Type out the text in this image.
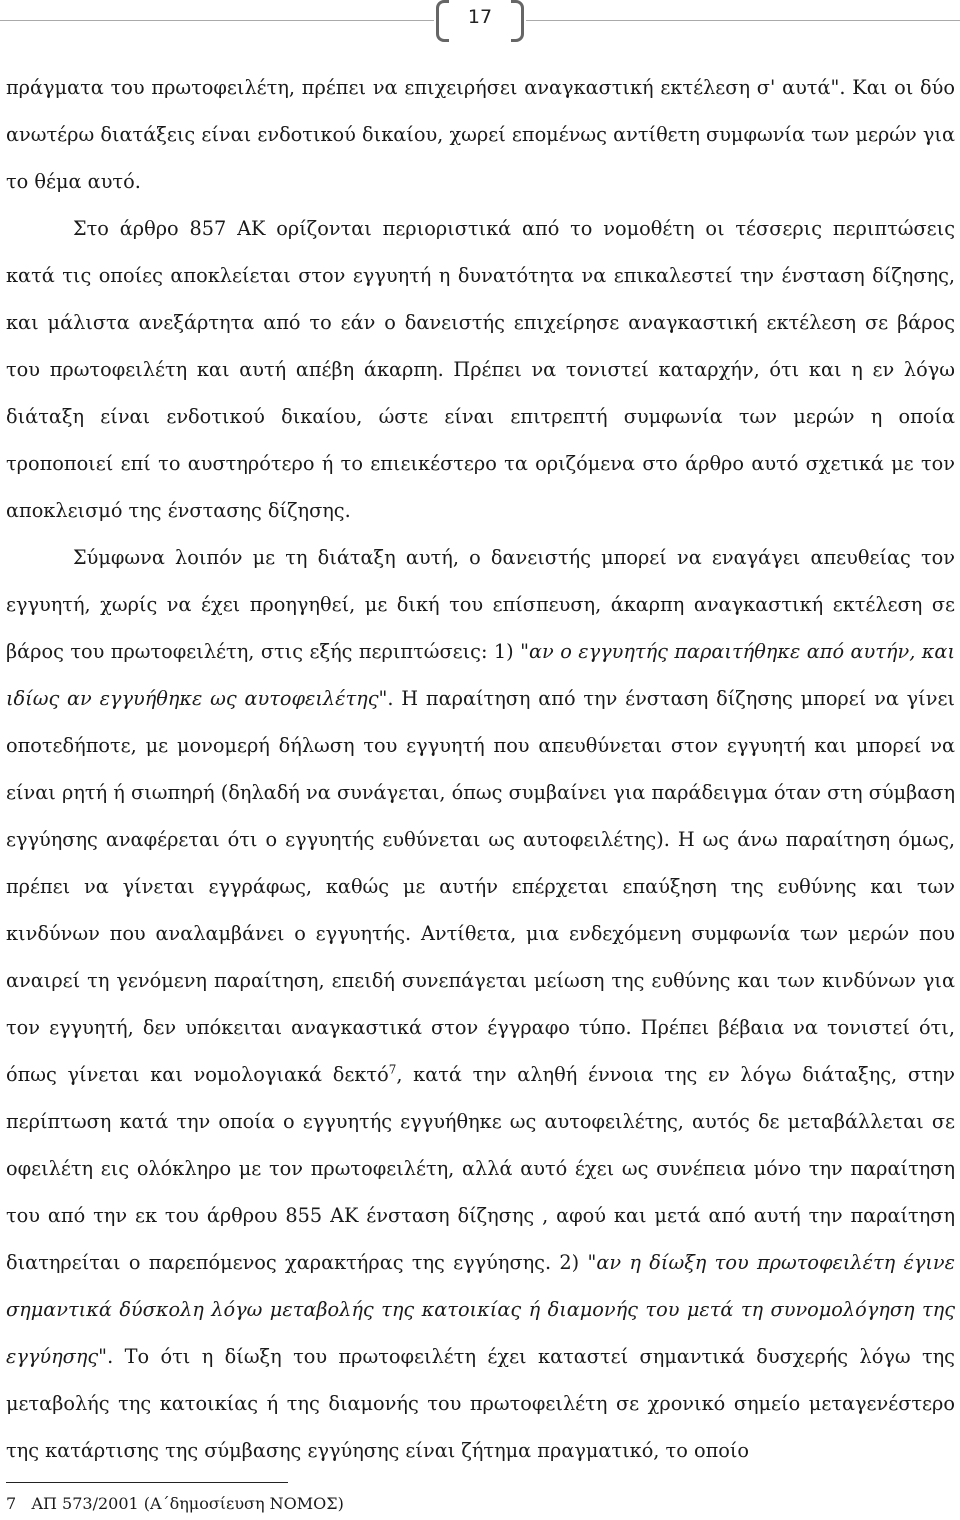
17

πράγματα του πρωτοφειλέτη, πρέπει να επιχειρήσει αναγκαστική εκτέλεση σ' αυτά". Και οι δύο ανωτέρω διατάξεις είναι ενδοτικού δικαίου, χωρεί επομένως αντίθετη συμφωνία των μερών για το θέμα αυτό.

Στο άρθρο 857 ΑΚ ορίζονται περιοριστικά από το νομοθέτη οι τέσσερις περιπτώσεις κατά τις οποίες αποκλείεται στον εγγυητή η δυνατότητα να επικαλεστεί την ένσταση δίζησης, και μάλιστα ανεξάρτητα από το εάν ο δανειστής επιχείρησε αναγκαστική εκτέλεση σε βάρος του πρωτοφειλέτη και αυτή απέβη άκαρπη. Πρέπει να τονιστεί καταρχήν, ότι και η εν λόγω διάταξη είναι ενδοτικού δικαίου, ώστε είναι επιτρεπτή συμφωνία των μερών η οποία τροποποιεί επί το αυστηρότερο ή το επιεικέστερο τα οριζόμενα στο άρθρο αυτό σχετικά με τον αποκλεισμό της ένστασης δίζησης.

Σύμφωνα λοιπόν με τη διάταξη αυτή, ο δανειστής μπορεί να εναγάγει απευθείας τον εγγυητή, χωρίς να έχει προηγηθεί, με δική του επίσπευση, άκαρπη αναγκαστική εκτέλεση σε βάρος του πρωτοφειλέτη, στις εξής περιπτώσεις: 1) "αν ο εγγυητής παραιτήθηκε από αυτήν, και ιδίως αν εγγυήθηκε ως αυτοφειλέτης". Η παραίτηση από την ένσταση δίζησης μπορεί να γίνει οποτεδήποτε, με μονομερή δήλωση του εγγυητή που απευθύνεται στον εγγυητή και μπορεί να είναι ρητή ή σιωπηρή (δηλαδή να συνάγεται, όπως συμβαίνει για παράδειγμα όταν στη σύμβαση εγγύησης αναφέρεται ότι ο εγγυητής ευθύνεται ως αυτοφειλέτης). Η ως άνω παραίτηση όμως, πρέπει να γίνεται εγγράφως, καθώς με αυτήν επέρχεται επαύξηση της ευθύνης και των κινδύνων που αναλαμβάνει ο εγγυητής. Αντίθετα, μια ενδεχόμενη συμφωνία των μερών που αναιρεί τη γενόμενη παραίτηση, επειδή συνεπάγεται μείωση της ευθύνης και των κινδύνων για τον εγγυητή, δεν υπόκειται αναγκαστικά στον έγγραφο τύπο. Πρέπει βέβαια να τονιστεί ότι, όπως γίνεται και νομολογιακά δεκτό$^7$, κατά την αληθή έννοια της εν λόγω διάταξης, στην περίπτωση κατά την οποία ο εγγυητής εγγυήθηκε ως αυτοφειλέτης, αυτός δε μεταβάλλεται σε οφειλέτη εις ολόκληρο με τον πρωτοφειλέτη, αλλά αυτό έχει ως συνέπεια μόνο την παραίτηση του από την εκ του άρθρου 855 ΑΚ ένσταση δίζησης , αφού και μετά από αυτή την παραίτηση διατηρείται ο παρεπόμενος χαρακτήρας της εγγύησης. 2) "αν η δίωξη του πρωτοφειλέτη έγινε σημαντικά δύσκολη λόγω μεταβολής της κατοικίας ή διαμονής του μετά τη συνομολόγηση της εγγύησης". Το ότι η δίωξη του πρωτοφειλέτη έχει καταστεί σημαντικά δυσχερής λόγω της μεταβολής της κατοικίας ή της διαμονής του πρωτοφειλέτη σε χρονικό σημείο μεταγενέστερο της κατάρτισης της σύμβασης εγγύησης είναι ζήτημα πραγματικό, το οποίο

7 ΑΠ 573/2001 (Α΄δημοσίευση ΝΟΜΟΣ)
